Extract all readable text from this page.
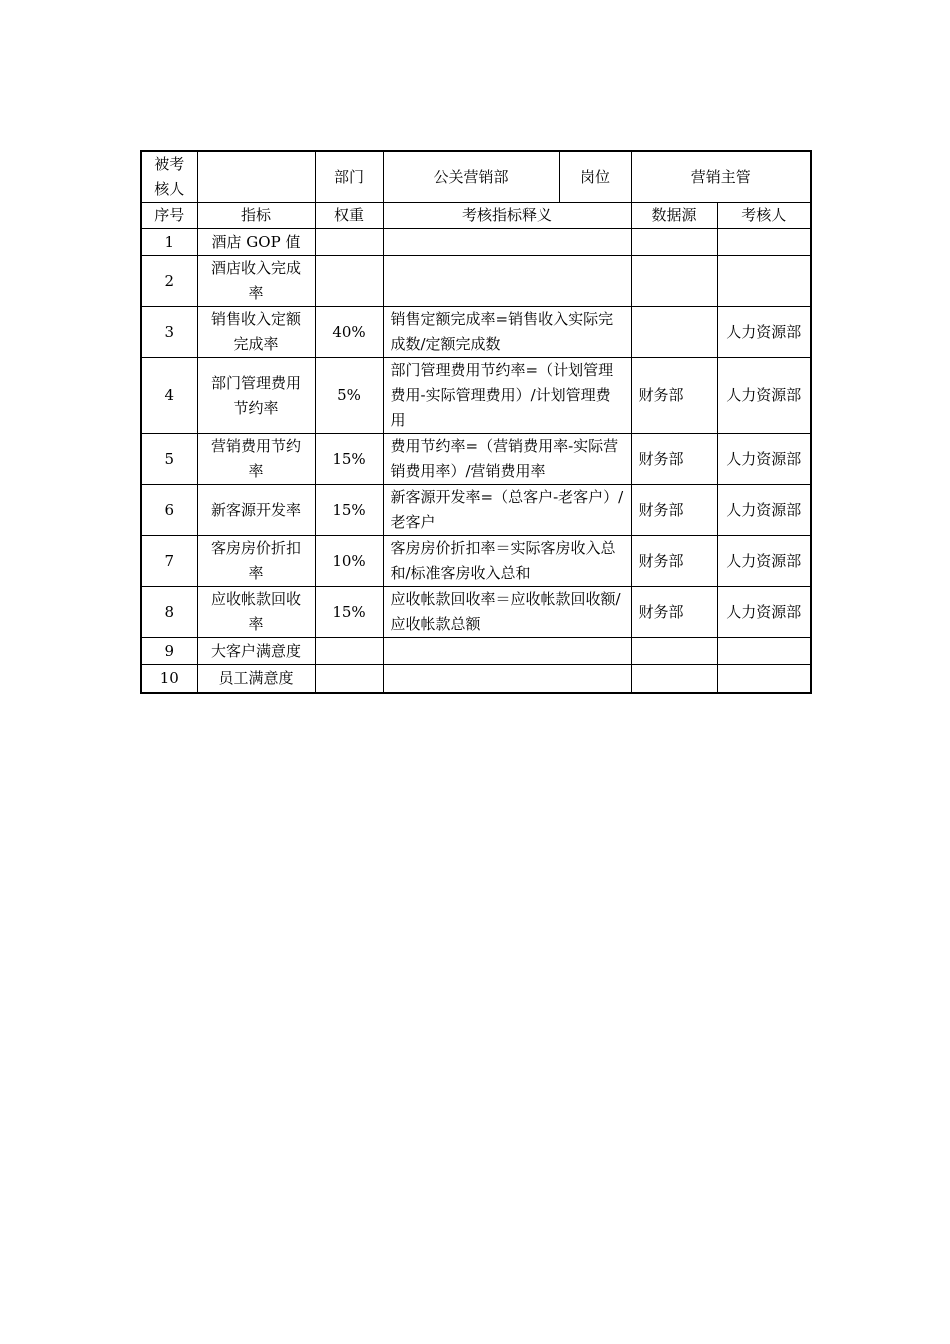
被考核人		部门	公关营销部	岗位	营销主管	
序号	指标	权重	考核指标释义		数据源	考核人
1	酒店 GOP 值					
2	酒店收入完成率					
3	销售收入定额完成率	40%	销售定额完成率=销售收入实际完成数/定额完成数			人力资源部
4	部门管理费用节约率	5%	部门管理费用节约率=（计划管理费用-实际管理费用）/计划管理费用		财务部	人力资源部
5	营销费用节约率	15%	费用节约率=（营销费用率-实际营销费用率）/营销费用率		财务部	人力资源部
6	新客源开发率	15%	新客源开发率=（总客户-老客户）/老客户		财务部	人力资源部
7	客房房价折扣率	10%	客房房价折扣率＝实际客房收入总和/标准客房收入总和		财务部	人力资源部
8	应收帐款回收率	15%	应收帐款回收率＝应收帐款回收额/应收帐款总额		财务部	人力资源部
9	大客户满意度					
10	员工满意度					
